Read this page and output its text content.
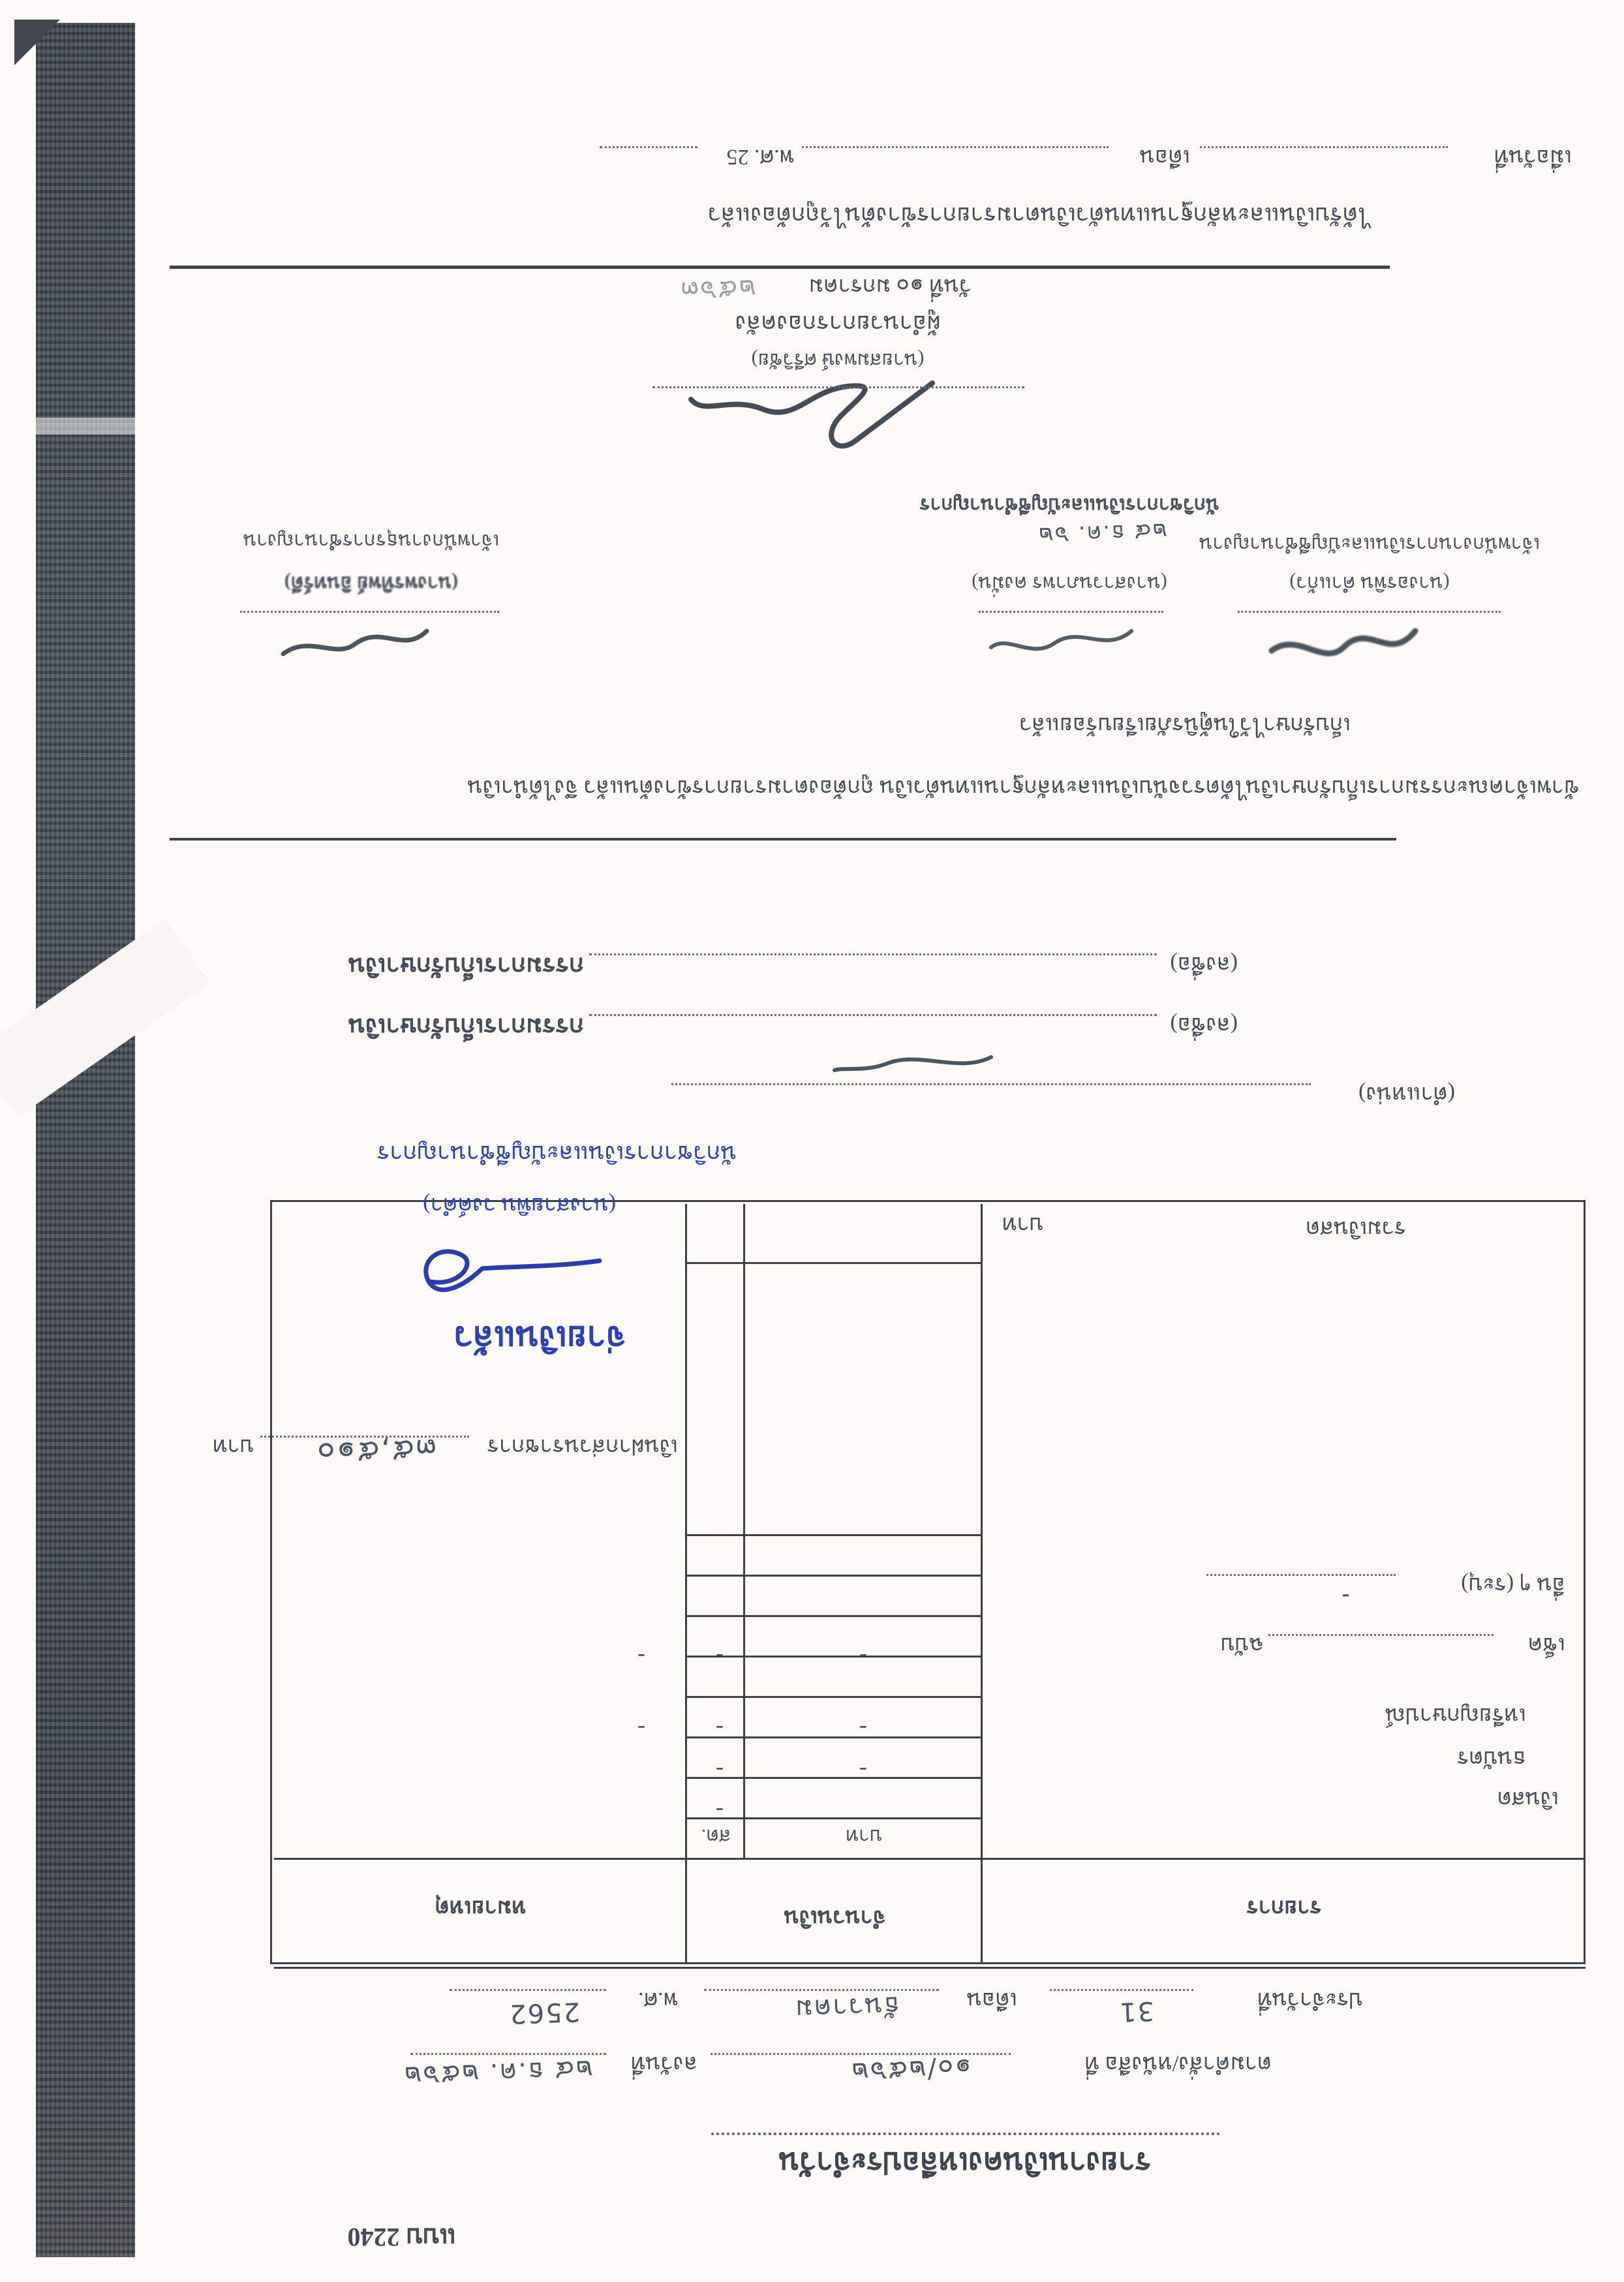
แบบ 2240
รายงานเงินคงเหลือประจำวัน
ตามคำสั่ง/หนังสือ ที่
๑๐/๒๕๖๒
ลงวันที่
๒๔ ธ.ค. ๒๕๖๒
ประจำวันที่
31
เดือน
ธันวาคม
พ.ศ.
2562
รายการ
จำนวนเงิน
บาท
สต.
หมายเหตุ
เงินสด
ธนบัตร
เหรียญกษาปณ์
เช็ค
ฉบับ
อื่น ๆ (ระบุ)
-
รวมเงินสด
บาท
-
-
-
-
-
-
-
-
-
เงินฝากส่วนราชการ
๓๕,๕๑๐
บาท
จ่ายเงินแล้ว
(นางสายพิน วงค์คำ)
นักวิชาการเงินและบัญชีชำนาญการ
(ตำแหน่ง)
(ลงชื่อ)
กรรมการเก็บรักษาเงิน
(ลงชื่อ)
กรรมการเก็บรักษาเงิน
ข้าพเจ้าคณะกรรมการเก็บรักษาเงินได้ตรวจนับเงินและหลักฐานแทนตัวเงิน ถูกต้องตามรายการข้างต้นแล้ว จึงได้นำเงิน
เก็บรักษาไว้ในตู้นิรภัยเรียบร้อยแล้ว
(นางอรพิน คำแก้ว)
เจ้าพนักงานการเงินและบัญชีชำนาญงาน
(นางสาวนภาพร คงมั่น)
๒๔ ธ.ค. ๖๒
นักวิชาการเงินและบัญชีชำนาญการ
(นางพรทิพย์ อินทร์ดี)
เจ้าพนักงานธุรการชำนาญงาน
(นายสมพงษ์ ศรีวิชัย)
ผู้อำนวยการกองคลัง
วันที่ ๑๐ มกราคม
๒๕๖๓
ได้รับเงินและหลักฐานแทนตัวเงินตามรายการข้างต้นไว้ถูกต้องแล้ว
เมื่อวันที่
เดือน
พ.ศ. 25
